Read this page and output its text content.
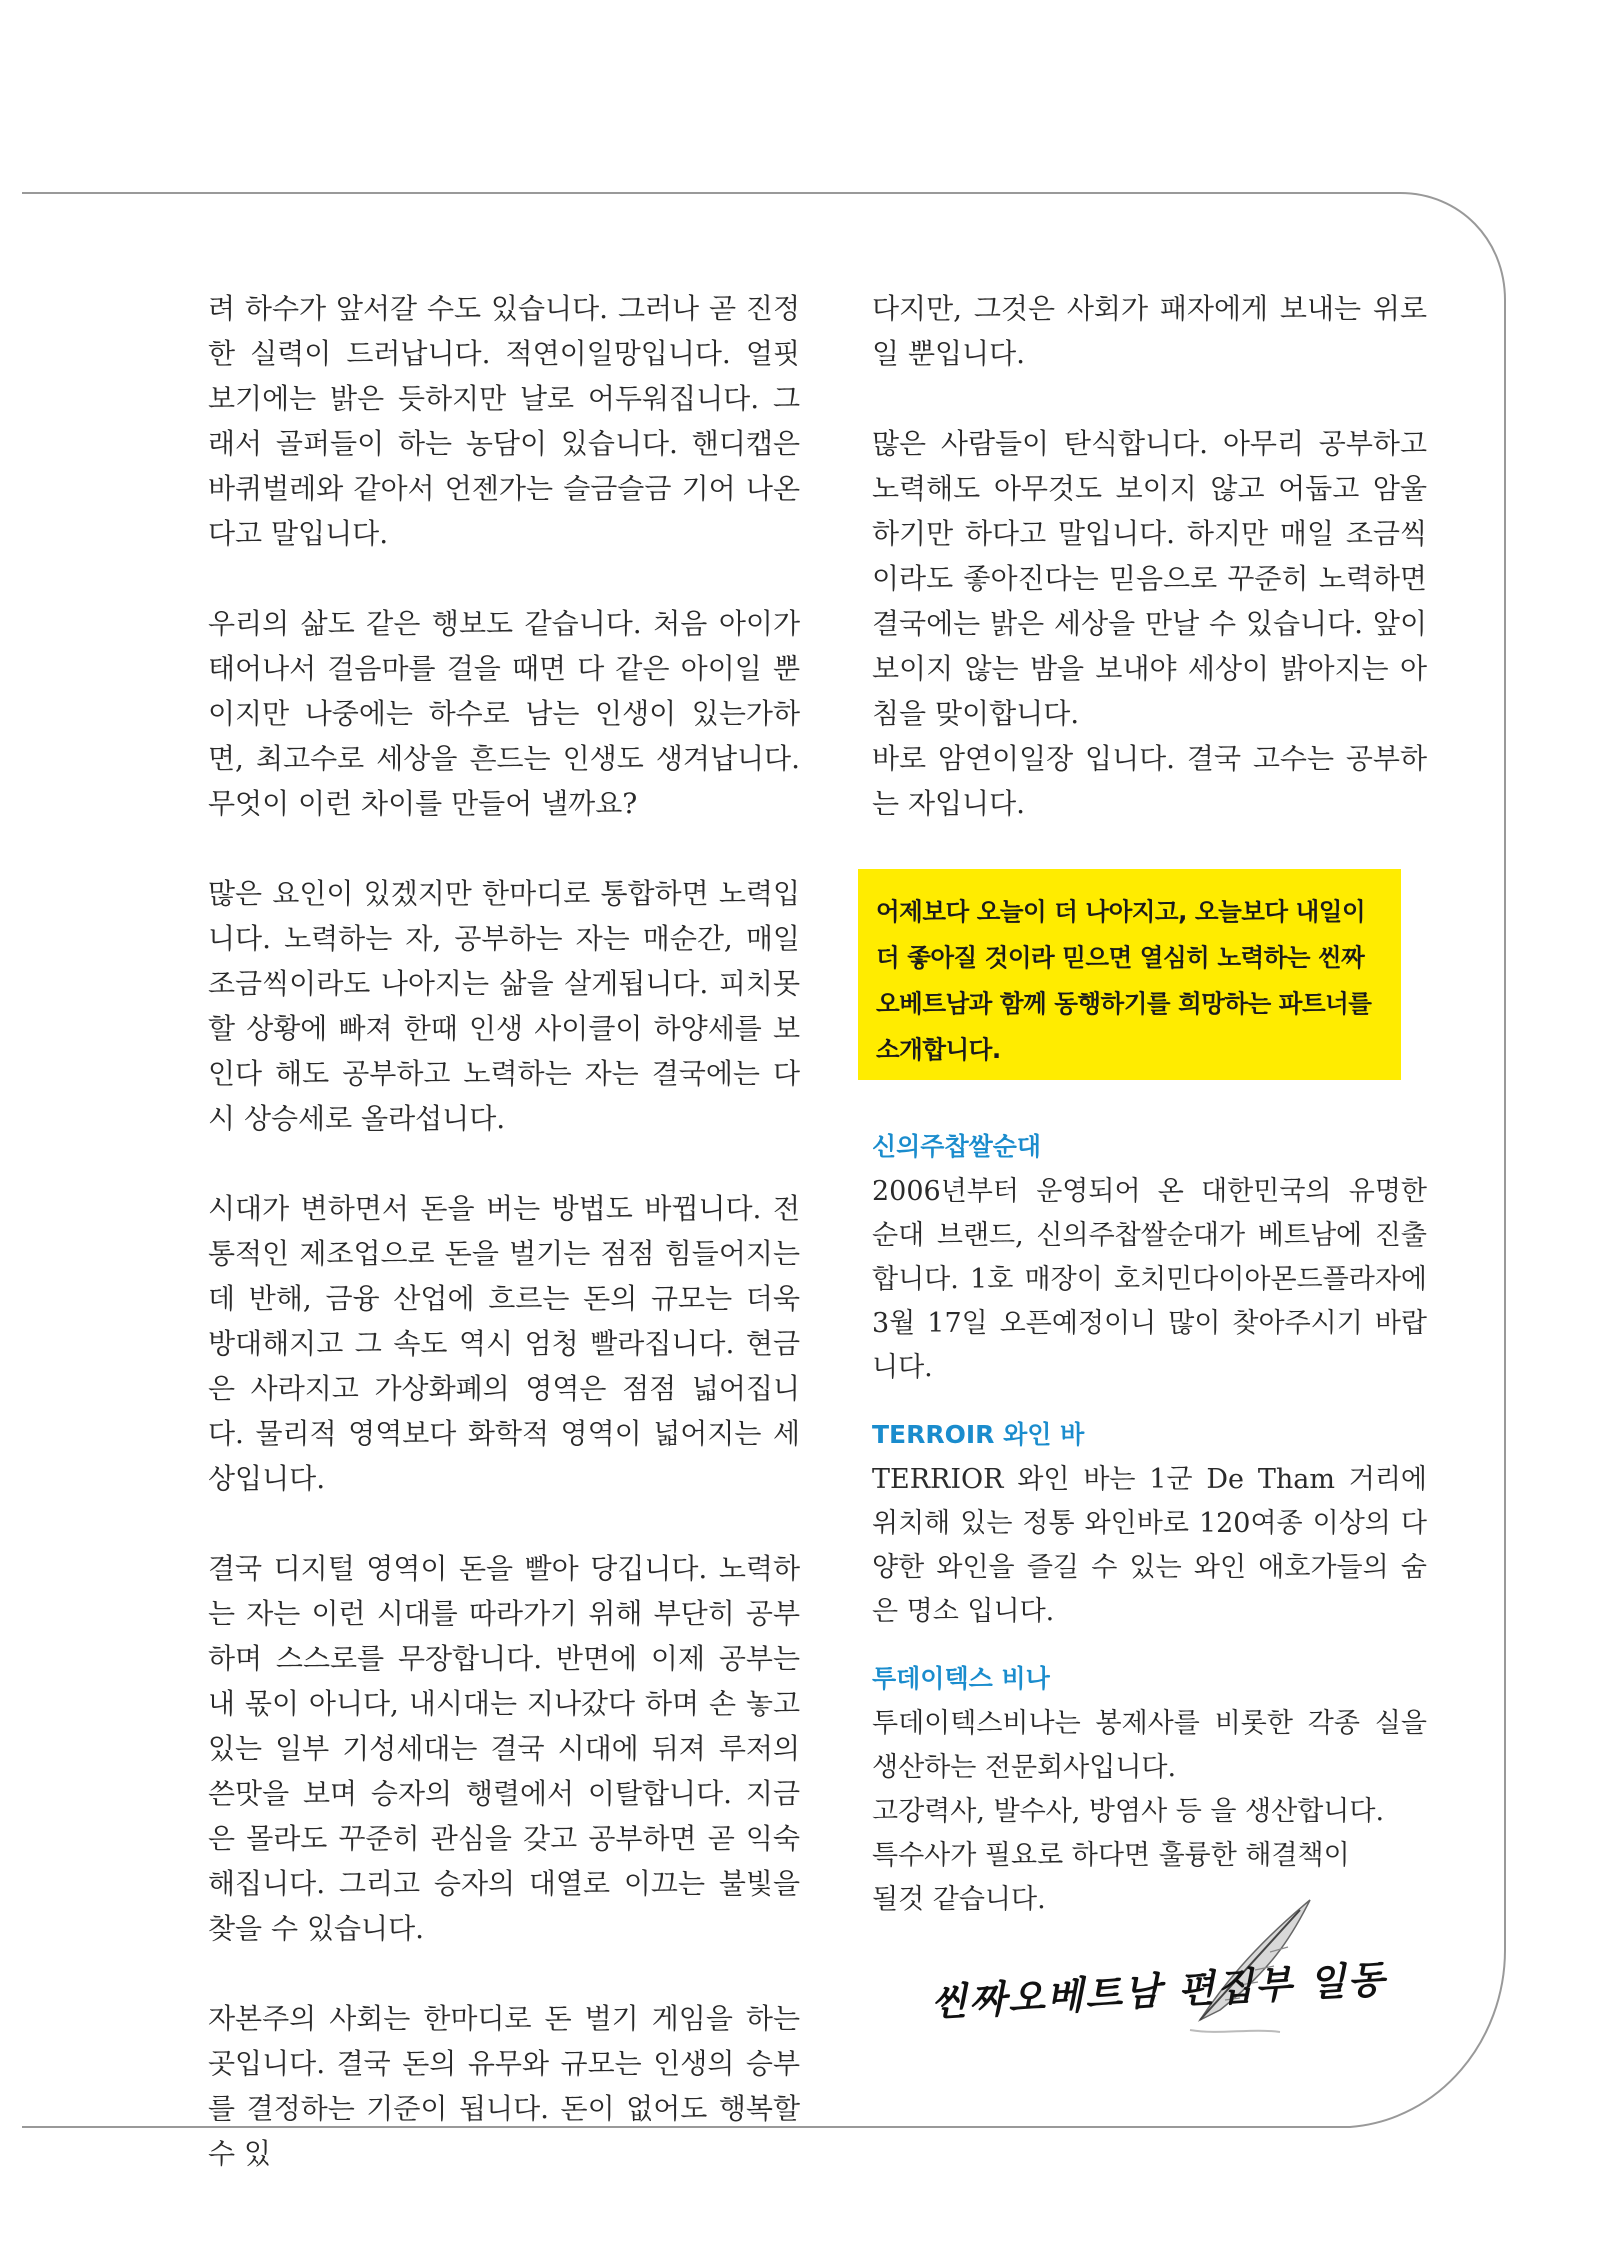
려 하수가 앞서갈 수도 있습니다. 그러나 곧 진정한 실력이 드러납니다. 적연이일망입니다. 얼핏 보기에는 밝은 듯하지만 날로 어두워집니다. 그래서 골퍼들이 하는 농담이 있습니다. 핸디캡은 바퀴벌레와 같아서 언젠가는 슬금슬금 기어 나온다고 말입니다.

우리의 삶도 같은 행보도 같습니다. 처음 아이가 태어나서 걸음마를 걸을 때면 다 같은 아이일 뿐이지만 나중에는 하수로 남는 인생이 있는가하면, 최고수로 세상을 흔드는 인생도 생겨납니다. 무엇이 이런 차이를 만들어 낼까요?

많은 요인이 있겠지만 한마디로 통합하면 노력입니다. 노력하는 자, 공부하는 자는 매순간, 매일 조금씩이라도 나아지는 삶을 살게됩니다. 피치못할 상황에 빠져 한때 인생 사이클이 하양세를 보인다 해도 공부하고 노력하는 자는 결국에는 다시 상승세로 올라섭니다.

시대가 변하면서 돈을 버는 방법도 바뀝니다. 전통적인 제조업으로 돈을 벌기는 점점 힘들어지는데 반해, 금융 산업에 흐르는 돈의 규모는 더욱 방대해지고 그 속도 역시 엄청 빨라집니다. 현금은 사라지고 가상화폐의 영역은 점점 넓어집니다. 물리적 영역보다 화학적 영역이 넓어지는 세상입니다.

결국 디지털 영역이 돈을 빨아 당깁니다. 노력하는 자는 이런 시대를 따라가기 위해 부단히 공부하며 스스로를 무장합니다. 반면에 이제 공부는 내 몫이 아니다, 내시대는 지나갔다 하며 손 놓고 있는 일부 기성세대는 결국 시대에 뒤져 루저의 쓴맛을 보며 승자의 행렬에서 이탈합니다. 지금은 몰라도 꾸준히 관심을 갖고 공부하면 곧 익숙해집니다. 그리고 승자의 대열로 이끄는 불빛을 찾을 수 있습니다.

자본주의 사회는 한마디로 돈 벌기 게임을 하는 곳입니다. 결국 돈의 유무와 규모는 인생의 승부를 결정하는 기준이 됩니다. 돈이 없어도 행복할 수 있

다지만, 그것은 사회가 패자에게 보내는 위로일 뿐입니다.

많은 사람들이 탄식합니다. 아무리 공부하고 노력해도 아무것도 보이지 않고 어둡고 암울하기만 하다고 말입니다. 하지만 매일 조금씩이라도 좋아진다는 믿음으로 꾸준히 노력하면 결국에는 밝은 세상을 만날 수 있습니다. 앞이 보이지 않는 밤을 보내야 세상이 밝아지는 아침을 맞이합니다.

바로 암연이일장 입니다. 결국 고수는 공부하는 자입니다.

어제보다 오늘이 더 나아지고, 오늘보다 내일이

더 좋아질 것이라 믿으면 열심히 노력하는 씬짜

오베트남과 함께 동행하기를 희망하는 파트너를

소개합니다.

신의주찹쌀순대

2006년부터 운영되어 온 대한민국의 유명한 순대 브랜드, 신의주찹쌀순대가 베트남에 진출합니다. 1호 매장이 호치민다이아몬드플라자에 3월 17일 오픈예정이니 많이 찾아주시기 바랍니다.

TERROIR 와인 바

TERRIOR 와인 바는 1군 De Tham 거리에 위치해 있는 정통 와인바로 120여종 이상의 다양한 와인을 즐길 수 있는 와인 애호가들의 숨은 명소 입니다.

투데이텍스 비나

투데이텍스비나는 봉제사를 비롯한 각종 실을 생산하는 전문회사입니다.

고강력사, 발수사, 방염사 등 을 생산합니다.

특수사가 필요로 하다면 훌륭한 해결책이

될것 같습니다.

씬짜오베트남 편집부 일동
